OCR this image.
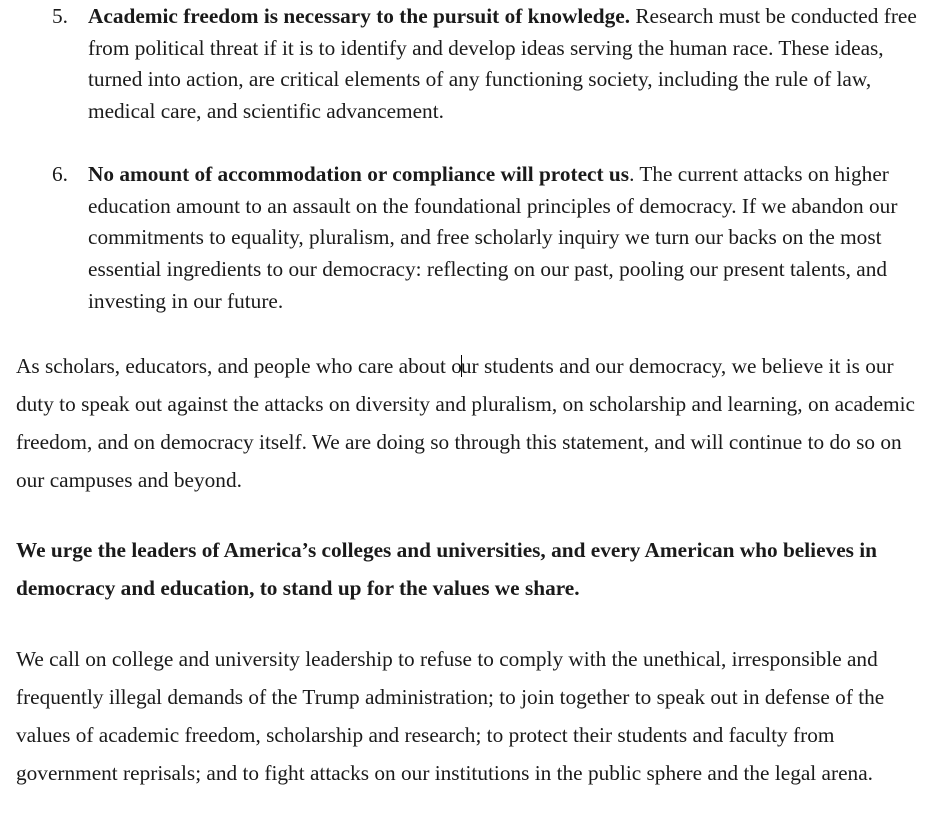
5. Academic freedom is necessary to the pursuit of knowledge. Research must be conducted free from political threat if it is to identify and develop ideas serving the human race. These ideas, turned into action, are critical elements of any functioning society, including the rule of law, medical care, and scientific advancement.
6. No amount of accommodation or compliance will protect us. The current attacks on higher education amount to an assault on the foundational principles of democracy. If we abandon our commitments to equality, pluralism, and free scholarly inquiry we turn our backs on the most essential ingredients to our democracy: reflecting on our past, pooling our present talents, and investing in our future.

As scholars, educators, and people who care about our students and our democracy, we believe it is our duty to speak out against the attacks on diversity and pluralism, on scholarship and learning, on academic freedom, and on democracy itself. We are doing so through this statement, and will continue to do so on our campuses and beyond.

We urge the leaders of America’s colleges and universities, and every American who believes in democracy and education, to stand up for the values we share.

We call on college and university leadership to refuse to comply with the unethical, irresponsible and frequently illegal demands of the Trump administration; to join together to speak out in defense of the values of academic freedom, scholarship and research; to protect their students and faculty from government reprisals; and to fight attacks on our institutions in the public sphere and the legal arena.
